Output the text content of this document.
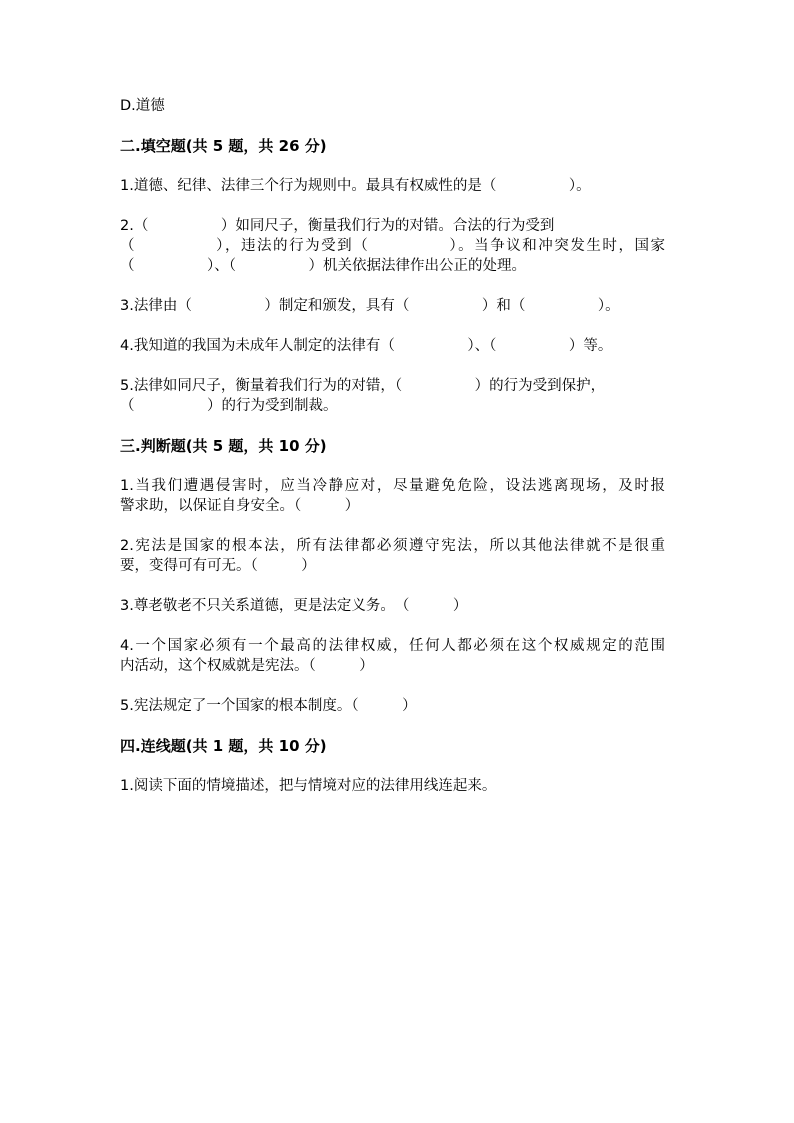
D.道德
二.填空题(共 5 题，共 26 分)
1.道德、纪律、法律三个行为规则中。最具有权威性的是（　　　　　）。
2.（　　　　　）如同尺子，衡量我们行为的对错。合法的行为受到
（　　　　　），违法的行为受到（　　　　　）。当争议和冲突发生时，国家
（　　　　　）、（　　　　　）机关依据法律作出公正的处理。
3.法律由（　　　　　）制定和颁发，具有（　　　　　）和（　　　　　）。
4.我知道的我国为未成年人制定的法律有（　　　　　）、（　　　　　）等。
5.法律如同尺子，衡量着我们行为的对错，（　　　　　）的行为受到保护，
（　　　　　）的行为受到制裁。
三.判断题(共 5 题，共 10 分)
1.当我们遭遇侵害时，应当冷静应对，尽量避免危险，设法逃离现场，及时报
警求助，以保证自身安全。（　　　）
2.宪法是国家的根本法，所有法律都必须遵守宪法，所以其他法律就不是很重
要，变得可有可无。（　　　）
3.尊老敬老不只关系道德，更是法定义务。　（　　　）
4.一个国家必须有一个最高的法律权威，任何人都必须在这个权威规定的范围
内活动，这个权威就是宪法。（　　　）
5.宪法规定了一个国家的根本制度。（　　　）
四.连线题(共 1 题，共 10 分)
1.阅读下面的情境描述，把与情境对应的法律用线连起来。
